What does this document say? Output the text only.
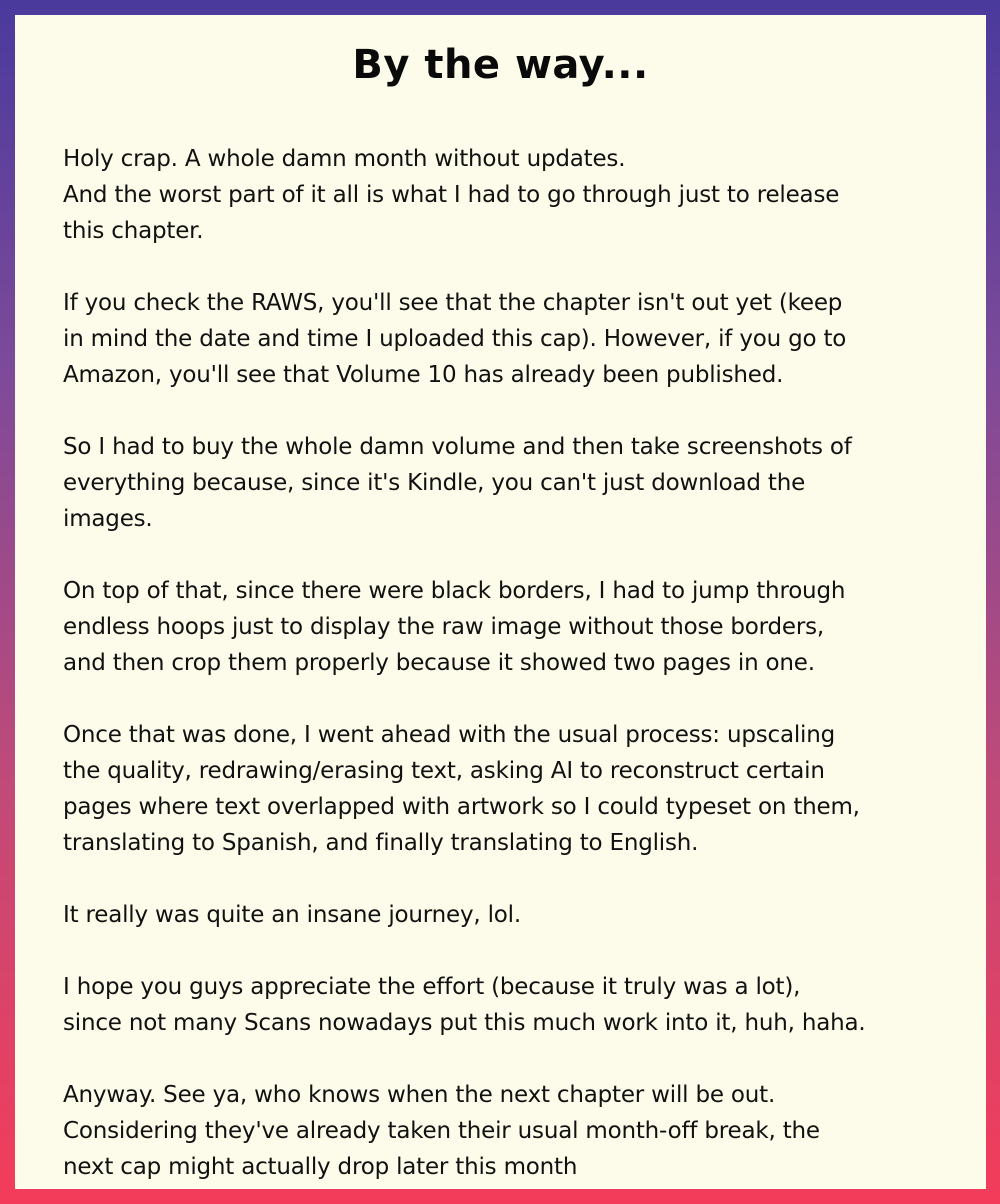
By the way...

Holy crap. A whole damn month without updates.
And the worst part of it all is what I had to go through just to release
this chapter.

If you check the RAWS, you'll see that the chapter isn't out yet (keep
in mind the date and time I uploaded this cap). However, if you go to
Amazon, you'll see that Volume 10 has already been published.

So I had to buy the whole damn volume and then take screenshots of
everything because, since it's Kindle, you can't just download the
images.

On top of that, since there were black borders, I had to jump through
endless hoops just to display the raw image without those borders,
and then crop them properly because it showed two pages in one.

Once that was done, I went ahead with the usual process: upscaling
the quality, redrawing/erasing text, asking AI to reconstruct certain
pages where text overlapped with artwork so I could typeset on them,
translating to Spanish, and finally translating to English.

It really was quite an insane journey, lol.

I hope you guys appreciate the effort (because it truly was a lot),
since not many Scans nowadays put this much work into it, huh, haha.

Anyway. See ya, who knows when the next chapter will be out.
Considering they've already taken their usual month-off break, the
next cap might actually drop later this month
